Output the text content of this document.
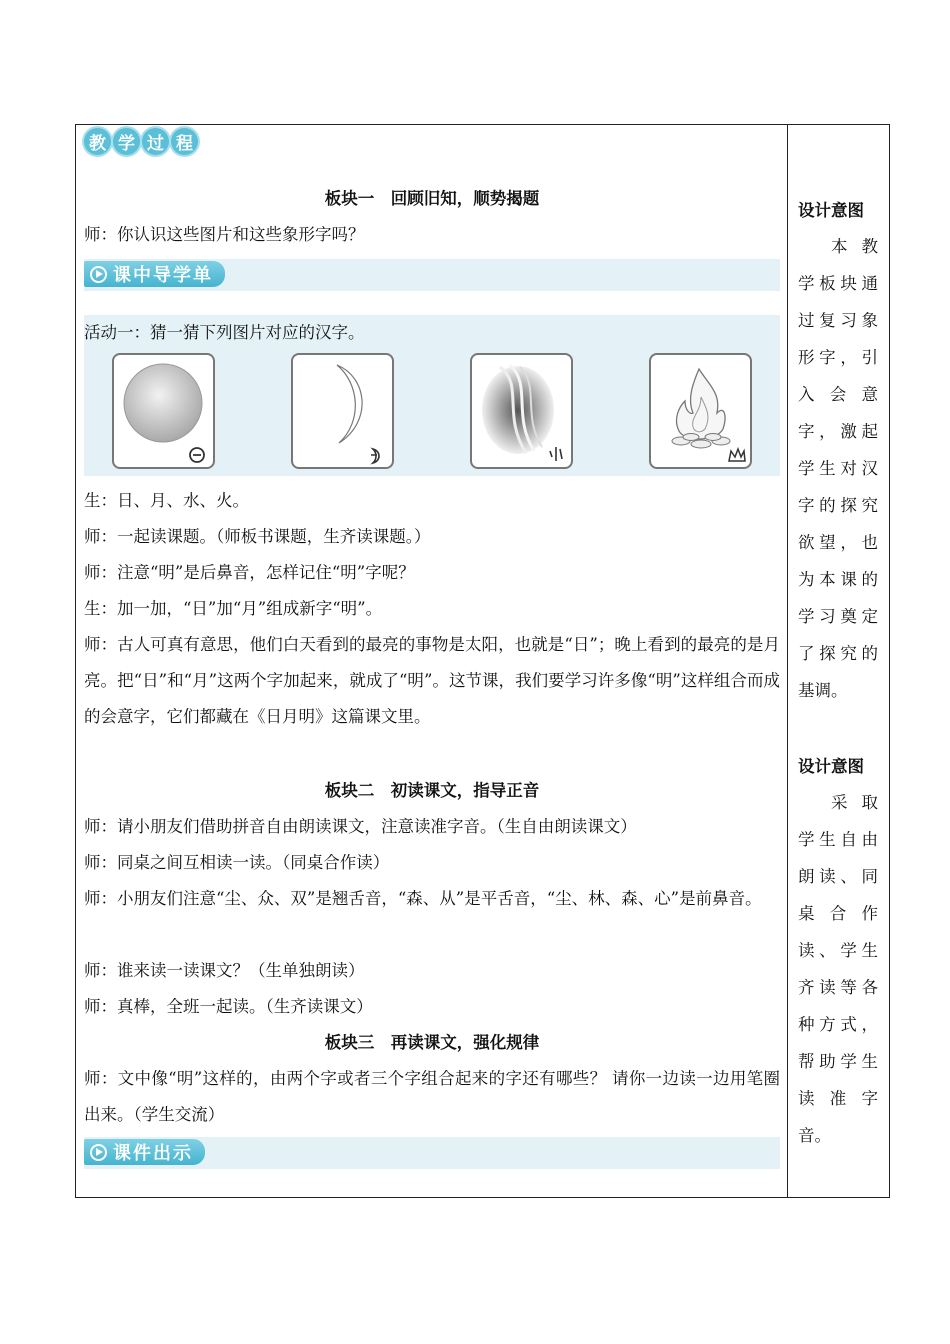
教 学 过 程
板块一　回顾旧知，顺势揭题
师：你认识这些图片和这些象形字吗？
课中导学单
活动一：猜一猜下列图片对应的汉字。
生：日、月、水、火。
师：一起读课题。（师板书课题，生齐读课题。）
师：注意“明”是后鼻音，怎样记住“明”字呢？
生：加一加，“日”加“月”组成新字“明”。
师：古人可真有意思，他们白天看到的最亮的事物是太阳，也就是“日”；晚上看到的最亮的是月亮。把“日”和“月”这两个字加起来，就成了“明”。这节课，我们要学习许多像“明”这样组合而成的会意字，它们都藏在《日月明》这篇课文里。
板块二　初读课文，指导正音
师：请小朋友们借助拼音自由朗读课文，注意读准字音。（生自由朗读课文）
师：同桌之间互相读一读。（同桌合作读）
师：小朋友们注意“尘、众、双”是翘舌音，“森、从”是平舌音，“尘、林、森、心”是前鼻音。
师：谁来读一读课文？（生单独朗读）
师：真棒，全班一起读。（生齐读课文）
板块三　再读课文，强化规律
师：文中像“明”这样的，由两个字或者三个字组合起来的字还有哪些？ 请你一边读一边用笔圈出来。（学生交流）
课件出示
设计意图
本教学板块通过复习象形字，引入会意字，激起学生对汉字的探究欲望，也为本课的学习奠定了探究的基调。
设计意图
采取学生自由朗读、同桌合作读、学生齐读等各种方式，帮助学生读准字音。
